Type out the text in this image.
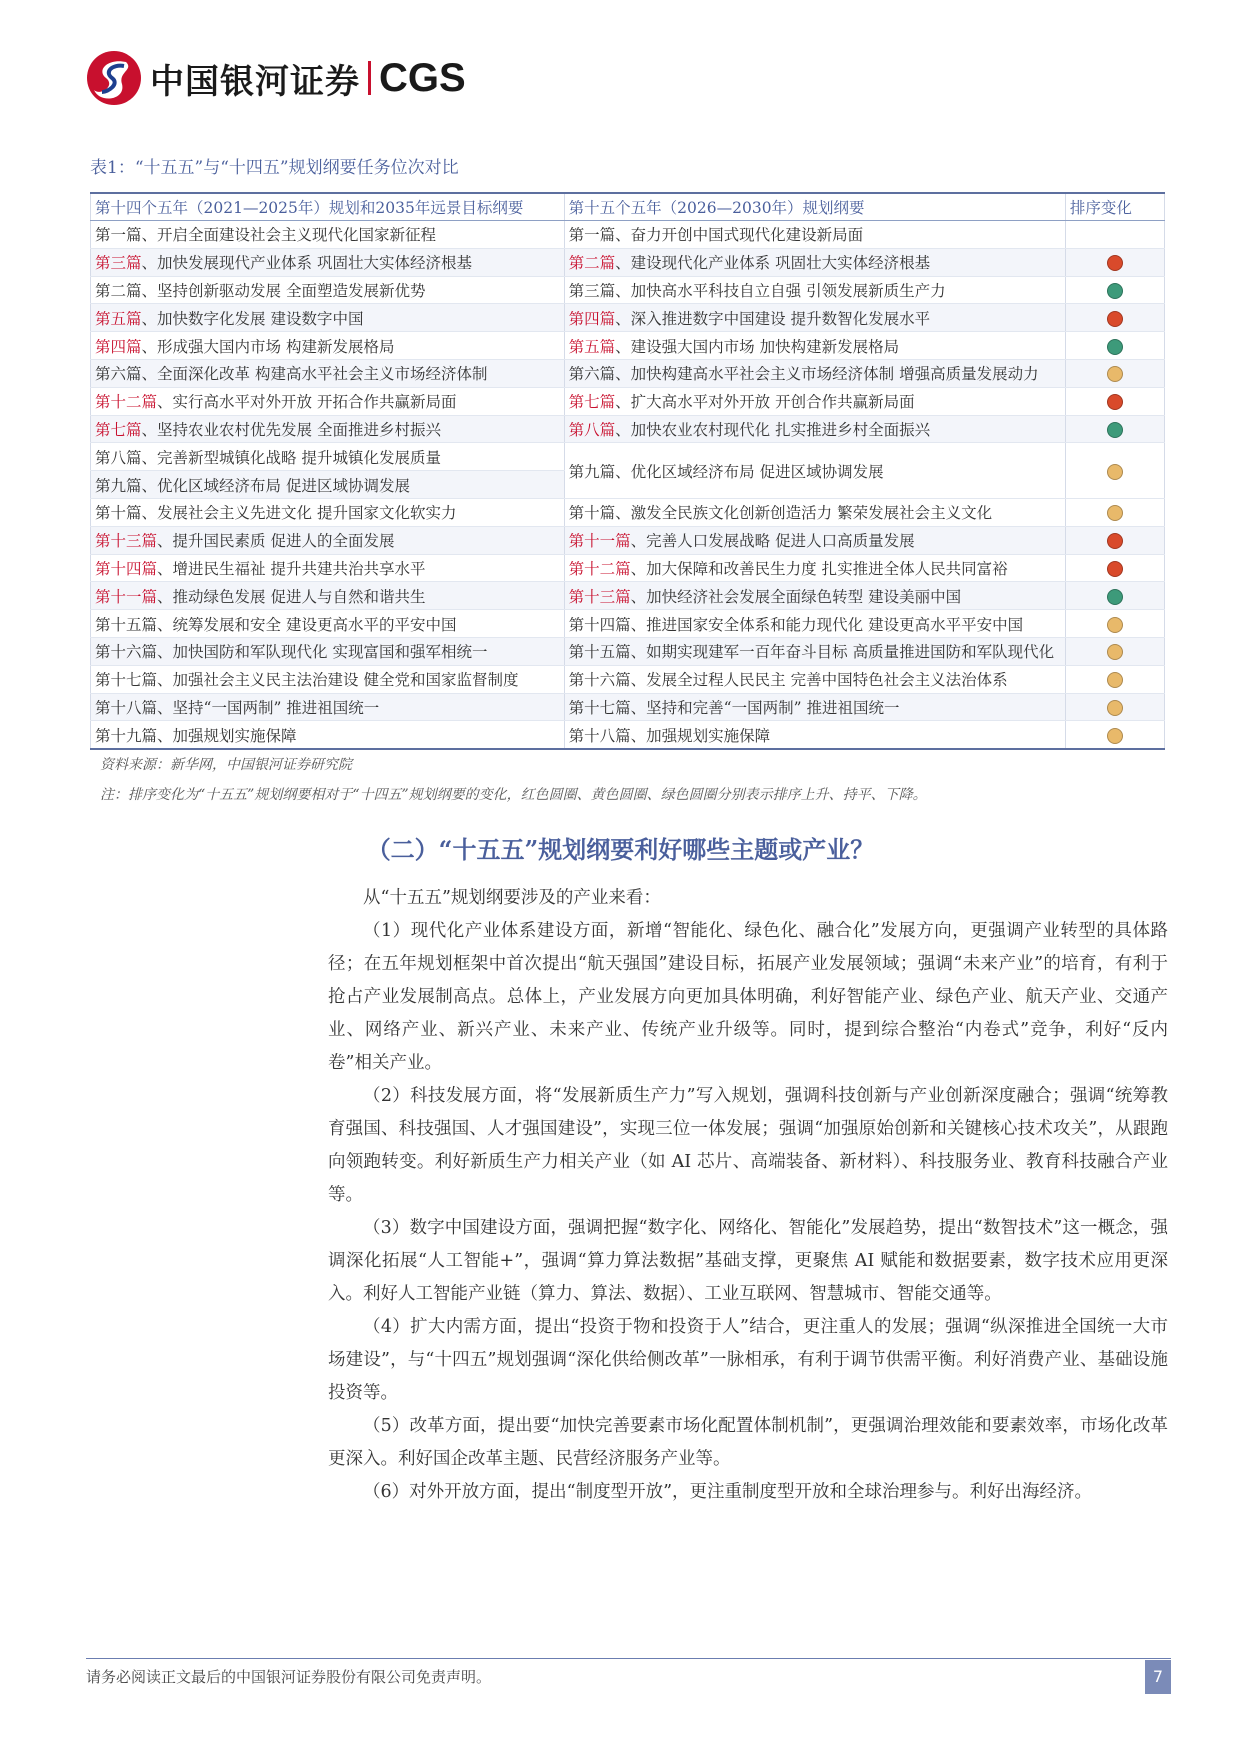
中国银河证券 CGS
表1：“十五五”与“十四五”规划纲要任务位次对比
第十四个五年（2021—2025年）规划和2035年远景目标纲要	第十五个五年（2026—2030年）规划纲要	排序变化
第一篇、开启全面建设社会主义现代化国家新征程	第一篇、奋力开创中国式现代化建设新局面	
第三篇、加快发展现代产业体系 巩固壮大实体经济根基	第二篇、建设现代化产业体系 巩固壮大实体经济根基	
第二篇、坚持创新驱动发展 全面塑造发展新优势	第三篇、加快高水平科技自立自强 引领发展新质生产力	
第五篇、加快数字化发展 建设数字中国	第四篇、深入推进数字中国建设 提升数智化发展水平	
第四篇、形成强大国内市场 构建新发展格局	第五篇、建设强大国内市场 加快构建新发展格局	
第六篇、全面深化改革 构建高水平社会主义市场经济体制	第六篇、加快构建高水平社会主义市场经济体制 增强高质量发展动力	
第十二篇、实行高水平对外开放 开拓合作共赢新局面	第七篇、扩大高水平对外开放 开创合作共赢新局面	
第七篇、坚持农业农村优先发展 全面推进乡村振兴	第八篇、加快农业农村现代化 扎实推进乡村全面振兴	
第八篇、完善新型城镇化战略 提升城镇化发展质量	第九篇、优化区域经济布局 促进区域协调发展	
第九篇、优化区域经济布局 促进区域协调发展		
第十篇、发展社会主义先进文化 提升国家文化软实力	第十篇、激发全民族文化创新创造活力 繁荣发展社会主义文化	
第十三篇、提升国民素质 促进人的全面发展	第十一篇、完善人口发展战略 促进人口高质量发展	
第十四篇、增进民生福祉 提升共建共治共享水平	第十二篇、加大保障和改善民生力度 扎实推进全体人民共同富裕	
第十一篇、推动绿色发展 促进人与自然和谐共生	第十三篇、加快经济社会发展全面绿色转型 建设美丽中国	
第十五篇、统筹发展和安全 建设更高水平的平安中国	第十四篇、推进国家安全体系和能力现代化 建设更高水平平安中国	
第十六篇、加快国防和军队现代化 实现富国和强军相统一	第十五篇、如期实现建军一百年奋斗目标 高质量推进国防和军队现代化	
第十七篇、加强社会主义民主法治建设 健全党和国家监督制度	第十六篇、发展全过程人民民主 完善中国特色社会主义法治体系	
第十八篇、坚持“一国两制” 推进祖国统一	第十七篇、坚持和完善“一国两制” 推进祖国统一	
第十九篇、加强规划实施保障	第十八篇、加强规划实施保障	
资料来源：新华网，中国银河证券研究院
注：排序变化为“十五五”规划纲要相对于“十四五”规划纲要的变化，红色圆圈、黄色圆圈、绿色圆圈分别表示排序上升、持平、下降。
（二）“十五五”规划纲要利好哪些主题或产业？

从“十五五”规划纲要涉及的产业来看：

（1）现代化产业体系建设方面，新增“智能化、绿色化、融合化”发展方向，更强调产业转型的具体路径；在五年规划框架中首次提出“航天强国”建设目标，拓展产业发展领域；强调“未来产业”的培育，有利于抢占产业发展制高点。总体上，产业发展方向更加具体明确，利好智能产业、绿色产业、航天产业、交通产业、网络产业、新兴产业、未来产业、传统产业升级等。同时，提到综合整治“内卷式”竞争，利好“反内卷”相关产业。

（2）科技发展方面，将“发展新质生产力”写入规划，强调科技创新与产业创新深度融合；强调“统筹教育强国、科技强国、人才强国建设”，实现三位一体发展；强调“加强原始创新和关键核心技术攻关”，从跟跑向领跑转变。利好新质生产力相关产业（如 AI 芯片、高端装备、新材料）、科技服务业、教育科技融合产业等。

（3）数字中国建设方面，强调把握“数字化、网络化、智能化”发展趋势，提出“数智技术”这一概念，强调深化拓展“人工智能+”，强调“算力算法数据”基础支撑，更聚焦 AI 赋能和数据要素，数字技术应用更深入。利好人工智能产业链（算力、算法、数据）、工业互联网、智慧城市、智能交通等。

（4）扩大内需方面，提出“投资于物和投资于人”结合，更注重人的发展；强调“纵深推进全国统一大市场建设”，与“十四五”规划强调“深化供给侧改革”一脉相承，有利于调节供需平衡。利好消费产业、基础设施投资等。

（5）改革方面，提出要“加快完善要素市场化配置体制机制”，更强调治理效能和要素效率，市场化改革更深入。利好国企改革主题、民营经济服务产业等。

（6）对外开放方面，提出“制度型开放”，更注重制度型开放和全球治理参与。利好出海经济。

请务必阅读正文最后的中国银河证券股份有限公司免责声明。	7
